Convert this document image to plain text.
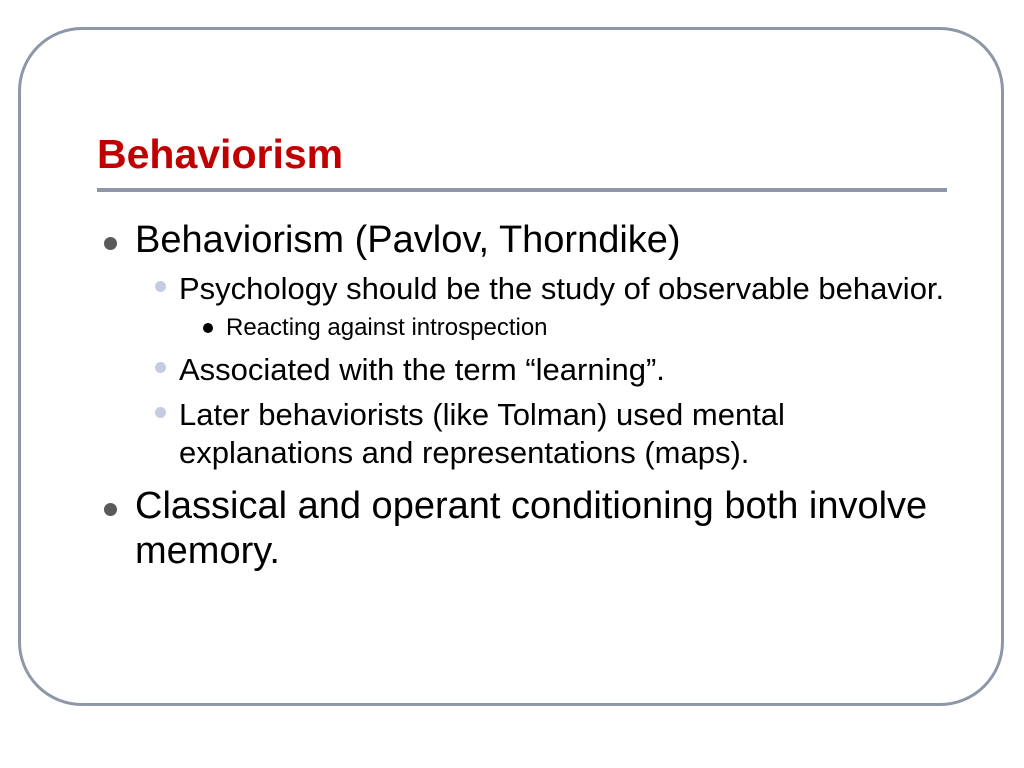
Behaviorism
Behaviorism (Pavlov, Thorndike)
Psychology should be the study of observable behavior.
Reacting against introspection
Associated with the term “learning”.
Later behaviorists (like Tolman) used mental explanations and representations (maps).
Classical and operant conditioning both involve memory.
